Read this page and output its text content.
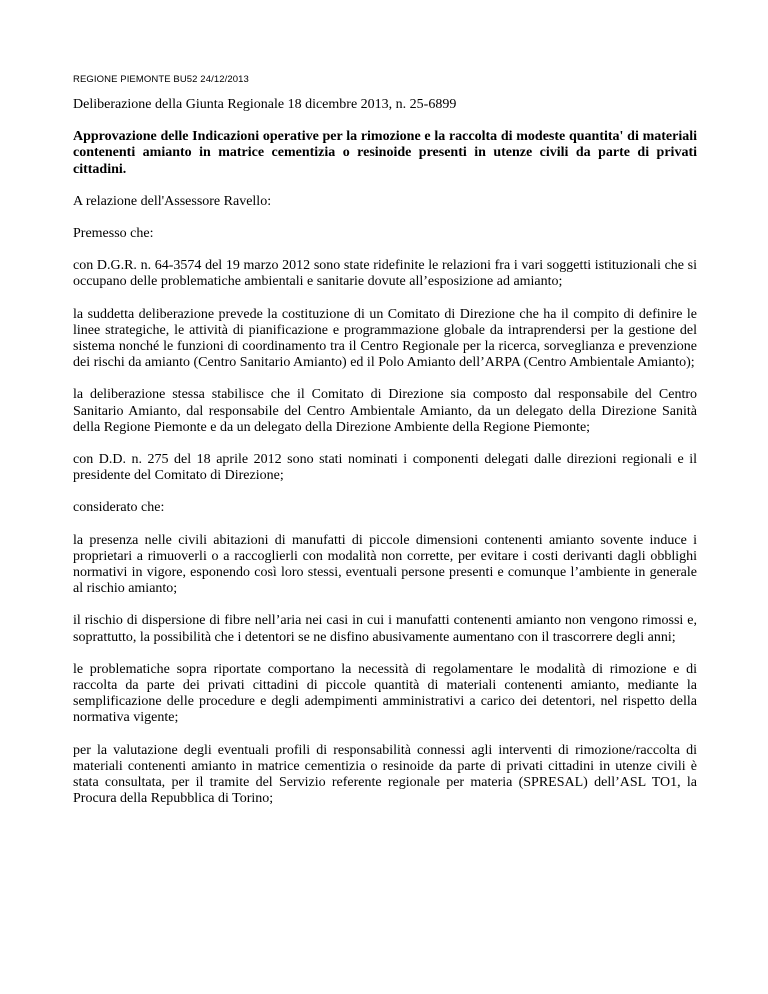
REGIONE PIEMONTE BU52 24/12/2013

Deliberazione della Giunta Regionale 18 dicembre 2013, n. 25-6899

Approvazione delle Indicazioni operative per la rimozione e la raccolta di modeste quantita' di materiali contenenti amianto in matrice cementizia o resinoide presenti in utenze civili da parte di privati cittadini.

A relazione dell'Assessore Ravello:

Premesso che:

con D.G.R. n. 64-3574 del 19 marzo 2012 sono state ridefinite le relazioni fra i vari soggetti istituzionali che si occupano delle problematiche ambientali e sanitarie dovute all’esposizione ad amianto;

la suddetta deliberazione prevede la costituzione di un Comitato di Direzione che ha il compito di definire le linee strategiche, le attività di pianificazione e programmazione globale da intraprendersi per la gestione del sistema nonché le funzioni di coordinamento tra il Centro Regionale per la ricerca, sorveglianza e prevenzione dei rischi da amianto (Centro Sanitario Amianto) ed il Polo Amianto dell’ARPA (Centro Ambientale Amianto);

la deliberazione stessa stabilisce che il Comitato di Direzione sia composto dal responsabile del Centro Sanitario Amianto, dal responsabile del Centro Ambientale Amianto, da un delegato della Direzione Sanità della Regione Piemonte e da un delegato della Direzione Ambiente della Regione Piemonte;

con D.D. n. 275 del 18 aprile 2012 sono stati nominati i componenti delegati dalle direzioni regionali e il presidente del Comitato di Direzione;

considerato che:

la presenza nelle civili abitazioni di manufatti di piccole dimensioni contenenti amianto sovente induce i proprietari a rimuoverli o a raccoglierli con modalità non corrette, per evitare i costi derivanti dagli obblighi normativi in vigore, esponendo così loro stessi, eventuali persone presenti e comunque l’ambiente in generale al rischio amianto;

il rischio di dispersione di fibre nell’aria nei casi in cui i manufatti contenenti amianto non vengono rimossi e, soprattutto, la possibilità che i detentori se ne disfino abusivamente aumentano con il trascorrere degli anni;

le problematiche sopra riportate comportano la necessità di regolamentare le modalità di rimozione e di raccolta da parte dei privati cittadini di piccole quantità di materiali contenenti amianto, mediante la semplificazione delle procedure e degli adempimenti amministrativi a carico dei detentori, nel rispetto della normativa vigente;

per la valutazione degli eventuali profili di responsabilità connessi agli interventi di rimozione/raccolta di materiali contenenti amianto in matrice cementizia o resinoide da parte di privati cittadini in utenze civili è stata consultata, per il tramite del Servizio referente regionale per materia (SPRESAL) dell’ASL TO1, la Procura della Repubblica di Torino;
